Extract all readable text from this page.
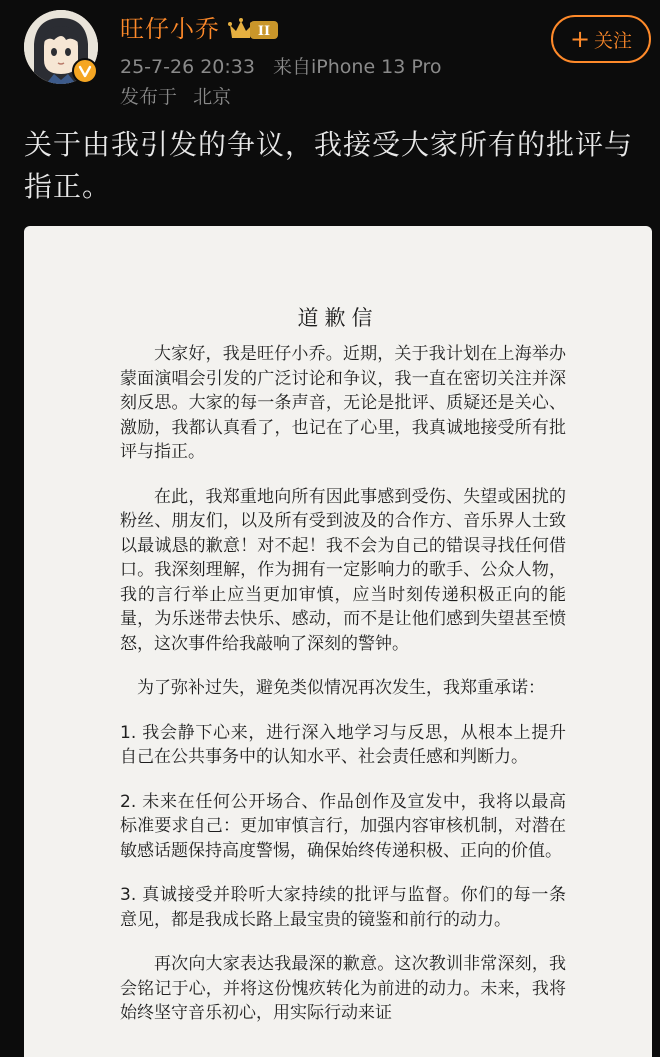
旺仔小乔	II
25-7-26 20:33 来自iPhone 13 Pro
发布于 北京
+ 关注
关于由我引发的争议，我接受大家所有的批评与指正。
道歉信

大家好，我是旺仔小乔。近期，关于我计划在上海举办蒙面演唱会引发的广泛讨论和争议，我一直在密切关注并深刻反思。大家的每一条声音，无论是批评、质疑还是关心、激励，我都认真看了，也记在了心里，我真诚地接受所有批评与指正。

在此，我郑重地向所有因此事感到受伤、失望或困扰的粉丝、朋友们，以及所有受到波及的合作方、音乐界人士致以最诚恳的歉意！对不起！我不会为自己的错误寻找任何借口。我深刻理解，作为拥有一定影响力的歌手、公众人物，我的言行举止应当更加审慎，应当时刻传递积极正向的能量，为乐迷带去快乐、感动，而不是让他们感到失望甚至愤怒，这次事件给我敲响了深刻的警钟。

为了弥补过失，避免类似情况再次发生，我郑重承诺：

1. 我会静下心来，进行深入地学习与反思，从根本上提升自己在公共事务中的认知水平、社会责任感和判断力。

2. 未来在任何公开场合、作品创作及宣发中，我将以最高标准要求自己：更加审慎言行，加强内容审核机制，对潜在敏感话题保持高度警惕，确保始终传递积极、正向的价值。

3. 真诚接受并聆听大家持续的批评与监督。你们的每一条意见，都是我成长路上最宝贵的镜鉴和前行的动力。

再次向大家表达我最深的歉意。这次教训非常深刻，我会铭记于心，并将这份愧疚转化为前进的动力。未来，我将始终坚守音乐初心，用实际行动来证
